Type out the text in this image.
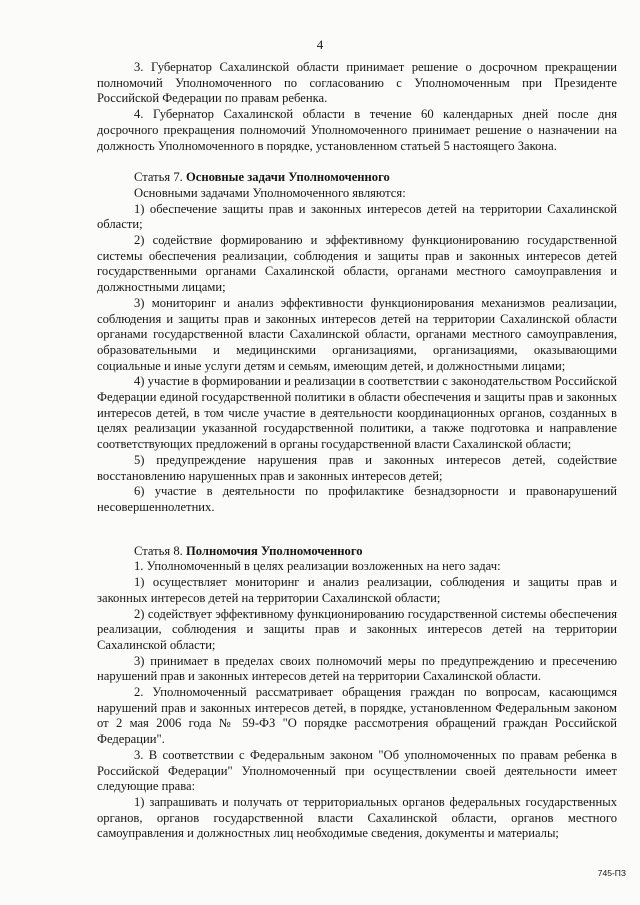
4

3. Губернатор Сахалинской области принимает решение о досрочном прекращении полномочий Уполномоченного по согласованию с Уполномоченным при Президенте Российской Федерации по правам ребенка.

4. Губернатор Сахалинской области в течение 60 календарных дней после дня досрочного прекращения полномочий Уполномоченного принимает решение о назначении на должность Уполномоченного в порядке, установленном статьей 5 настоящего Закона.

Статья 7. Основные задачи Уполномоченного

Основными задачами Уполномоченного являются:

1) обеспечение защиты прав и законных интересов детей на территории Сахалинской области;

2) содействие формированию и эффективному функционированию государственной системы обеспечения реализации, соблюдения и защиты прав и законных интересов детей государственными органами Сахалинской области, органами местного самоуправления и должностными лицами;

3) мониторинг и анализ эффективности функционирования механизмов реализации, соблюдения и защиты прав и законных интересов детей на территории Сахалинской области органами государственной власти Сахалинской области, органами местного самоуправления, образовательными и медицинскими организациями, организациями, оказывающими социальные и иные услуги детям и семьям, имеющим детей, и должностными лицами;

4) участие в формировании и реализации в соответствии с законодательством Российской Федерации единой государственной политики в области обеспечения и защиты прав и законных интересов детей, в том числе участие в деятельности координационных органов, созданных в целях реализации указанной государственной политики, а также подготовка и направление соответствующих предложений в органы государственной власти Сахалинской области;

5) предупреждение нарушения прав и законных интересов детей, содействие восстановлению нарушенных прав и законных интересов детей;

6) участие в деятельности по профилактике безнадзорности и правонарушений несовершеннолетних.

Статья 8. Полномочия Уполномоченного

1. Уполномоченный в целях реализации возложенных на него задач:

1) осуществляет мониторинг и анализ реализации, соблюдения и защиты прав и законных интересов детей на территории Сахалинской области;

2) содействует эффективному функционированию государственной системы обеспечения реализации, соблюдения и защиты прав и законных интересов детей на территории Сахалинской области;

3) принимает в пределах своих полномочий меры по предупреждению и пресечению нарушений прав и законных интересов детей на территории Сахалинской области.

2. Уполномоченный рассматривает обращения граждан по вопросам, касающимся нарушений прав и законных интересов детей, в порядке, установленном Федеральным законом от 2 мая 2006 года № 59-ФЗ "О порядке рассмотрения обращений граждан Российской Федерации".

3. В соответствии с Федеральным законом "Об уполномоченных по правам ребенка в Российской Федерации" Уполномоченный при осуществлении своей деятельности имеет следующие права:

1) запрашивать и получать от территориальных органов федеральных государственных органов, органов государственной власти Сахалинской области, органов местного самоуправления и должностных лиц необходимые сведения, документы и материалы;

745-ПЗ
